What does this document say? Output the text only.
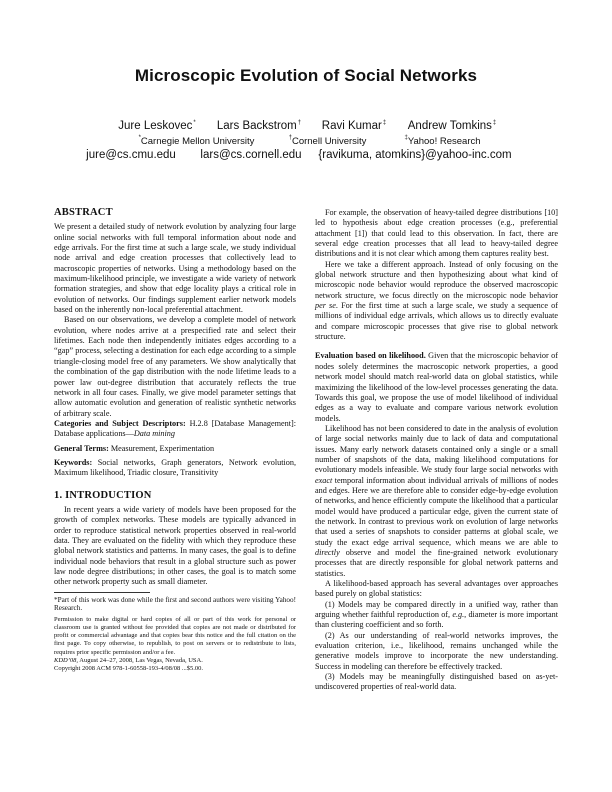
Microscopic Evolution of Social Networks
Jure Leskovec* Lars Backstrom† Ravi Kumar‡ Andrew Tomkins‡
*Carnegie Mellon University	†Cornell University	‡Yahoo! Research
jure@cs.cmu.edu lars@cs.cornell.edu {ravikuma, atomkins}@yahoo-inc.com
ABSTRACT

We present a detailed study of network evolution by analyzing four large online social networks with full temporal information about node and edge arrivals. For the first time at such a large scale, we study individual node arrival and edge creation processes that collectively lead to macroscopic properties of networks. Using a methodology based on the maximum-likelihood principle, we investigate a wide variety of network formation strategies, and show that edge locality plays a critical role in evolution of networks. Our findings supplement earlier network models based on the inherently non-local preferential attachment.

Based on our observations, we develop a complete model of network evolution, where nodes arrive at a prespecified rate and select their lifetimes. Each node then independently initiates edges according to a “gap” process, selecting a destination for each edge according to a simple triangle-closing model free of any parameters. We show analytically that the combination of the gap distribution with the node lifetime leads to a power law out-degree distribution that accurately reflects the true network in all four cases. Finally, we give model parameter settings that allow automatic evolution and generation of realistic synthetic networks of arbitrary scale.

Categories and Subject Descriptors: H.2.8 [Database Management]: Database applications—Data mining

General Terms: Measurement, Experimentation

Keywords: Social networks, Graph generators, Network evolution, Maximum likelihood, Triadic closure, Transitivity

1. INTRODUCTION

In recent years a wide variety of models have been proposed for the growth of complex networks. These models are typically advanced in order to reproduce statistical network properties observed in real-world data. They are evaluated on the fidelity with which they reproduce these global network statistics and patterns. In many cases, the goal is to define individual node behaviors that result in a global structure such as power law node degree distributions; in other cases, the goal is to match some other network property such as small diameter.

*Part of this work was done while the first and second authors were visiting Yahoo! Research.

Permission to make digital or hard copies of all or part of this work for personal or classroom use is granted without fee provided that copies are not made or distributed for profit or commercial advantage and that copies bear this notice and the full citation on the first page. To copy otherwise, to republish, to post on servers or to redistribute to lists, requires prior specific permission and/or a fee.

KDD’08, August 24–27, 2008, Las Vegas, Nevada, USA.

Copyright 2008 ACM 978-1-60558-193-4/08/08 ...$5.00.

For example, the observation of heavy-tailed degree distributions [10] led to hypothesis about edge creation processes (e.g., preferential attachment [1]) that could lead to this observation. In fact, there are several edge creation processes that all lead to heavy-tailed degree distributions and it is not clear which among them captures reality best.

Here we take a different approach. Instead of only focusing on the global network structure and then hypothesizing about what kind of microscopic node behavior would reproduce the observed macroscopic network structure, we focus directly on the microscopic node behavior per se. For the first time at such a large scale, we study a sequence of millions of individual edge arrivals, which allows us to directly evaluate and compare microscopic processes that give rise to global network structure.

Evaluation based on likelihood. Given that the microscopic behavior of nodes solely determines the macroscopic network properties, a good network model should match real-world data on global statistics, while maximizing the likelihood of the low-level processes generating the data. Towards this goal, we propose the use of model likelihood of individual edges as a way to evaluate and compare various network evolution models.

Likelihood has not been considered to date in the analysis of evolution of large social networks mainly due to lack of data and computational issues. Many early network datasets contained only a single or a small number of snapshots of the data, making likelihood computations for evolutionary models infeasible. We study four large social networks with exact temporal information about individual arrivals of millions of nodes and edges. Here we are therefore able to consider edge-by-edge evolution of networks, and hence efficiently compute the likelihood that a particular model would have produced a particular edge, given the current state of the network. In contrast to previous work on evolution of large networks that used a series of snapshots to consider patterns at global scale, we study the exact edge arrival sequence, which means we are able to directly observe and model the fine-grained network evolutionary processes that are directly responsible for global network patterns and statistics.

A likelihood-based approach has several advantages over approaches based purely on global statistics:

(1) Models may be compared directly in a unified way, rather than arguing whether faithful reproduction of, e.g., diameter is more important than clustering coefficient and so forth.

(2) As our understanding of real-world networks improves, the evaluation criterion, i.e., likelihood, remains unchanged while the generative models improve to incorporate the new understanding. Success in modeling can therefore be effectively tracked.

(3) Models may be meaningfully distinguished based on as-yet-undiscovered properties of real-world data.
